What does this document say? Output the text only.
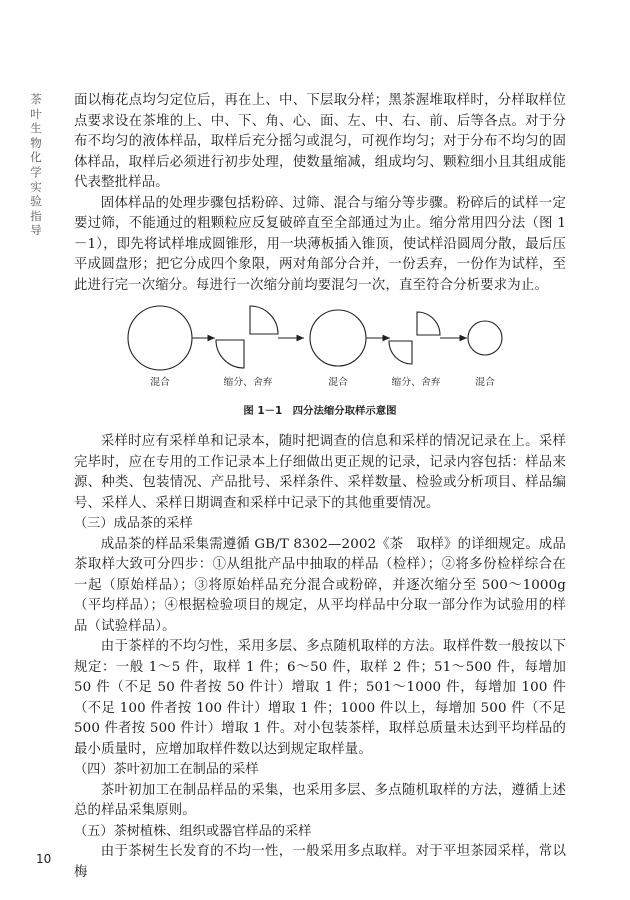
茶叶生物化学实验指导

面以梅花点均匀定位后，再在上、中、下层取分样；黑茶渥堆取样时，分样取样位点要求设在茶堆的上、中、下、角、心、面、左、中、右、前、后等各点。对于分布不均匀的液体样品，取样后充分摇匀或混匀，可视作均匀；对于分布不均匀的固体样品，取样后必须进行初步处理，使数量缩减，组成均匀、颗粒细小且其组成能代表整批样品。

固体样品的处理步骤包括粉碎、过筛、混合与缩分等步骤。粉碎后的试样一定要过筛，不能通过的粗颗粒应反复破碎直至全部通过为止。缩分常用四分法（图 1－1），即先将试样堆成圆锥形，用一块薄板插入锥顶，使试样沿圆周分散，最后压平成圆盘形；把它分成四个象限，两对角部分合并，一份丢弃，一份作为试样，至此进行完一次缩分。每进行一次缩分前均要混匀一次，直至符合分析要求为止。

混合	缩分、舍弃	混合	缩分、舍弃	混合
图 1－1　四分法缩分取样示意图

采样时应有采样单和记录本，随时把调查的信息和采样的情况记录在上。采样完毕时，应在专用的工作记录本上仔细做出更正规的记录，记录内容包括：样品来源、种类、包装情况、产品批号、采样条件、采样数量、检验或分析项目、样品编号、采样人、采样日期调查和采样中记录下的其他重要情况。

（三）成品茶的采样

成品茶的样品采集需遵循 GB/T 8302—2002《茶　取样》的详细规定。成品茶取样大致可分四步：①从组批产品中抽取的样品（检样）；②将多份检样综合在一起（原始样品）；③将原始样品充分混合或粉碎，并逐次缩分至 500～1000g（平均样品）；④根据检验项目的规定，从平均样品中分取一部分作为试验用的样品（试验样品）。

由于茶样的不均匀性，采用多层、多点随机取样的方法。取样件数一般按以下规定：一般 1～5 件，取样 1 件；6～50 件，取样 2 件；51～500 件，每增加 50 件（不足 50 件者按 50 件计）增取 1 件；501～1000 件，每增加 100 件（不足 100 件者按 100 件计）增取 1 件；1000 件以上，每增加 500 件（不足 500 件者按 500 件计）增取 1 件。对小包装茶样，取样总质量未达到平均样品的最小质量时，应增加取样件数以达到规定取样量。

（四）茶叶初加工在制品的采样

茶叶初加工在制品样品的采集，也采用多层、多点随机取样的方法，遵循上述总的样品采集原则。

（五）茶树植株、组织或器官样品的采样

由于茶树生长发育的不均一性，一般采用多点取样。对于平坦茶园采样，常以梅

10
